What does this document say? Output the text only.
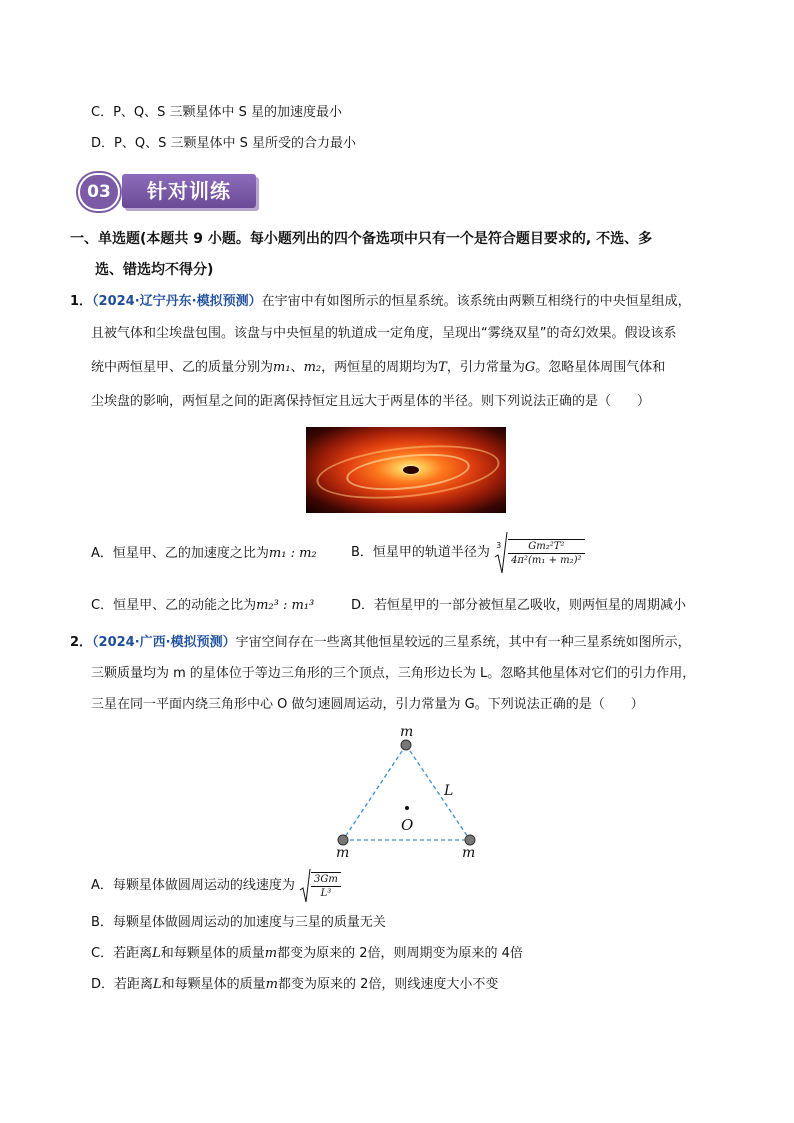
C．P、Q、S 三颗星体中 S 星的加速度最小
D．P、Q、S 三颗星体中 S 星所受的合力最小
03	针对训练
一、单选题(本题共 9 小题。每小题列出的四个备选项中只有一个是符合题目要求的, 不选、多
选、错选均不得分)
1．（2024·辽宁丹东·模拟预测）在宇宙中有如图所示的恒星系统。该系统由两颗互相绕行的中央恒星组成，
且被气体和尘埃盘包围。该盘与中央恒星的轨道成一定角度，呈现出“雾绕双星”的奇幻效果。假设该系
统中两恒星甲、乙的质量分别为m₁、m₂，两恒星的周期均为T，引力常量为G。忽略星体周围气体和
尘埃盘的影响，两恒星之间的距离保持恒定且远大于两星体的半径。则下列说法正确的是（　　）
A．恒星甲、乙的加速度之比为m₁ : m₂	B．恒星甲的轨道半径为 $3 \frac{\text{Gm₂²T²}}{\text{4π²(m₁ + m₂)²}}$
C．恒星甲、乙的动能之比为m₂³ : m₁³	D．若恒星甲的一部分被恒星乙吸收，则两恒星的周期减小
2．（2024·广西·模拟预测）宇宙空间存在一些离其他恒星较远的三星系统，其中有一种三星系统如图所示，
三颗质量均为 m 的星体位于等边三角形的三个顶点，三角形边长为 L。忽略其他星体对它们的引力作用，
三星在同一平面内绕三角形中心 O 做匀速圆周运动，引力常量为 G。下列说法正确的是（　　）
m
m	m
L
O
A．每颗星体做圆周运动的线速度为 $\frac{3Gm}{\text{L³}}$
B．每颗星体做圆周运动的加速度与三星的质量无关
C．若距离L和每颗星体的质量m都变为原来的 2倍，则周期变为原来的 4倍
D．若距离L和每颗星体的质量m都变为原来的 2倍，则线速度大小不变
